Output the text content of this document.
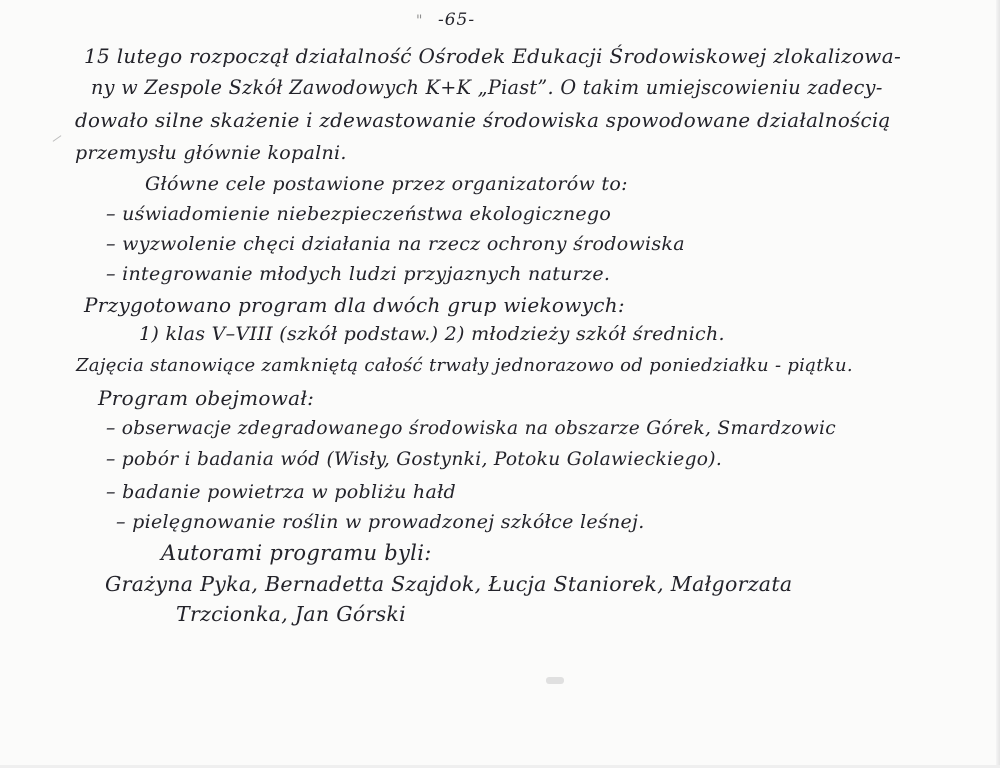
" -65-
15 lutego rozpoczął działalność Ośrodek Edukacji Środowiskowej zlokalizowa-
ny w Zespole Szkół Zawodowych K+K „Piast”. O takim umiejscowieniu zadecy-
dowało silne skażenie i zdewastowanie środowiska spowodowane działalnością
przemysłu głównie kopalni.
Główne cele postawione przez organizatorów to:
– uświadomienie niebezpieczeństwa ekologicznego
– wyzwolenie chęci działania na rzecz ochrony środowiska
– integrowanie młodych ludzi przyjaznych naturze.
Przygotowano program dla dwóch grup wiekowych:
1) klas V–VIII (szkół podstaw.) 2) młodzieży szkół średnich.
Zajęcia stanowiące zamkniętą całość trwały jednorazowo od poniedziałku - piątku.
Program obejmował:
– obserwacje zdegradowanego środowiska na obszarze Górek, Smardzowic
– pobór i badania wód (Wisły, Gostynki, Potoku Golawieckiego).
– badanie powietrza w pobliżu hałd
– pielęgnowanie roślin w prowadzonej szkółce leśnej.
Autorami programu byli:
Grażyna Pyka, Bernadetta Szajdok, Łucja Staniorek, Małgorzata
Trzcionka, Jan Górski
